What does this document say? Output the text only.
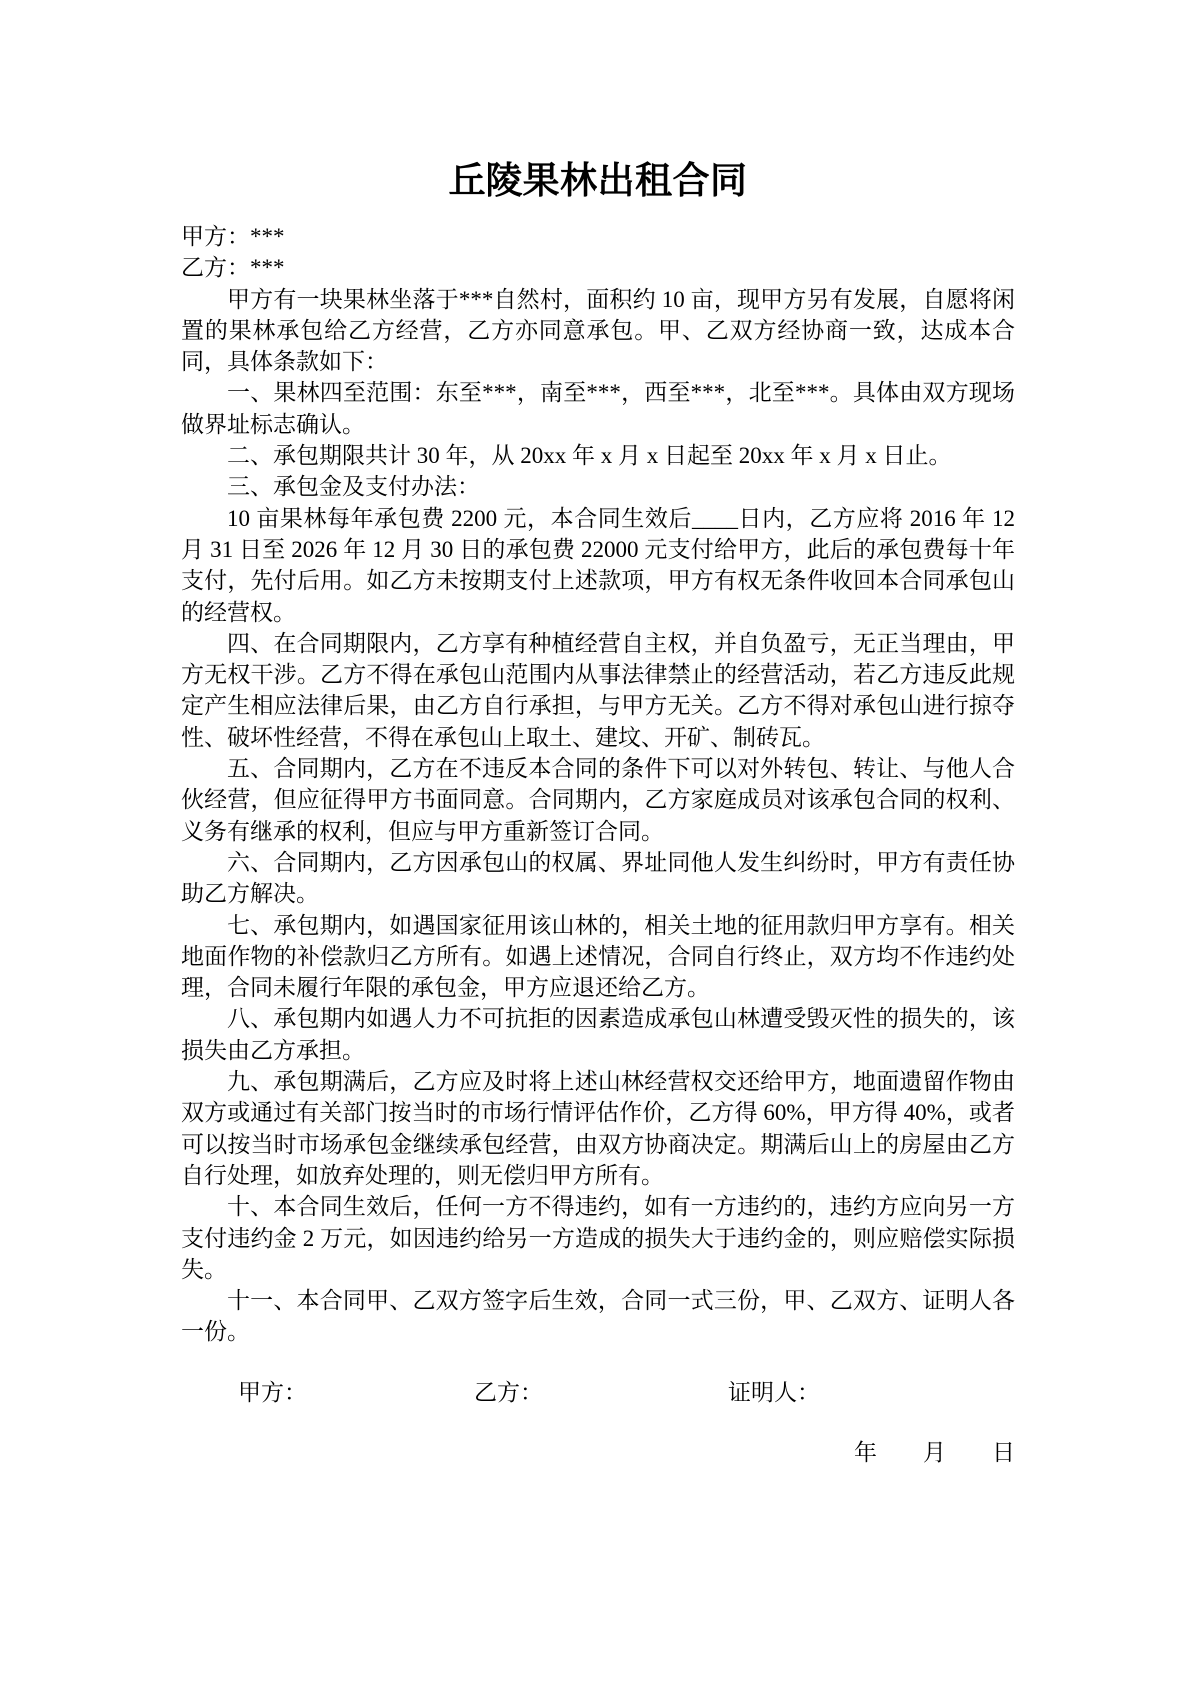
丘陵果林出租合同

甲方：***

乙方：***

甲方有一块果林坐落于***自然村，面积约 10 亩，现甲方另有发展，自愿将闲置的果林承包给乙方经营，乙方亦同意承包。甲、乙双方经协商一致，达成本合同，具体条款如下：

一、果林四至范围：东至***，南至***，西至***，北至***。具体由双方现场做界址标志确认。

二、承包期限共计 30 年，从 20xx 年 x 月 x 日起至 20xx 年 x 月 x 日止。

三、承包金及支付办法：

10 亩果林每年承包费 2200 元，本合同生效后____日内，乙方应将 2016 年 12 月 31 日至 2026 年 12 月 30 日的承包费 22000 元支付给甲方，此后的承包费每十年支付，先付后用。如乙方未按期支付上述款项，甲方有权无条件收回本合同承包山的经营权。

四、在合同期限内，乙方享有种植经营自主权，并自负盈亏，无正当理由，甲方无权干涉。乙方不得在承包山范围内从事法律禁止的经营活动，若乙方违反此规定产生相应法律后果，由乙方自行承担，与甲方无关。乙方不得对承包山进行掠夺性、破坏性经营，不得在承包山上取土、建坟、开矿、制砖瓦。

五、合同期内，乙方在不违反本合同的条件下可以对外转包、转让、与他人合伙经营，但应征得甲方书面同意。合同期内，乙方家庭成员对该承包合同的权利、义务有继承的权利，但应与甲方重新签订合同。

六、合同期内，乙方因承包山的权属、界址同他人发生纠纷时，甲方有责任协助乙方解决。

七、承包期内，如遇国家征用该山林的，相关土地的征用款归甲方享有。相关地面作物的补偿款归乙方所有。如遇上述情况，合同自行终止，双方均不作违约处理，合同未履行年限的承包金，甲方应退还给乙方。

八、承包期内如遇人力不可抗拒的因素造成承包山林遭受毁灭性的损失的，该损失由乙方承担。

九、承包期满后，乙方应及时将上述山林经营权交还给甲方，地面遗留作物由双方或通过有关部门按当时的市场行情评估作价，乙方得 60%，甲方得 40%，或者可以按当时市场承包金继续承包经营，由双方协商决定。期满后山上的房屋由乙方自行处理，如放弃处理的，则无偿归甲方所有。

十、本合同生效后，任何一方不得违约，如有一方违约的，违约方应向另一方支付违约金 2 万元，如因违约给另一方造成的损失大于违约金的，则应赔偿实际损失。

十一、本合同甲、乙双方签字后生效，合同一式三份，甲、乙双方、证明人各一份。

甲方：	乙方：	证明人：

年　　月　　日
